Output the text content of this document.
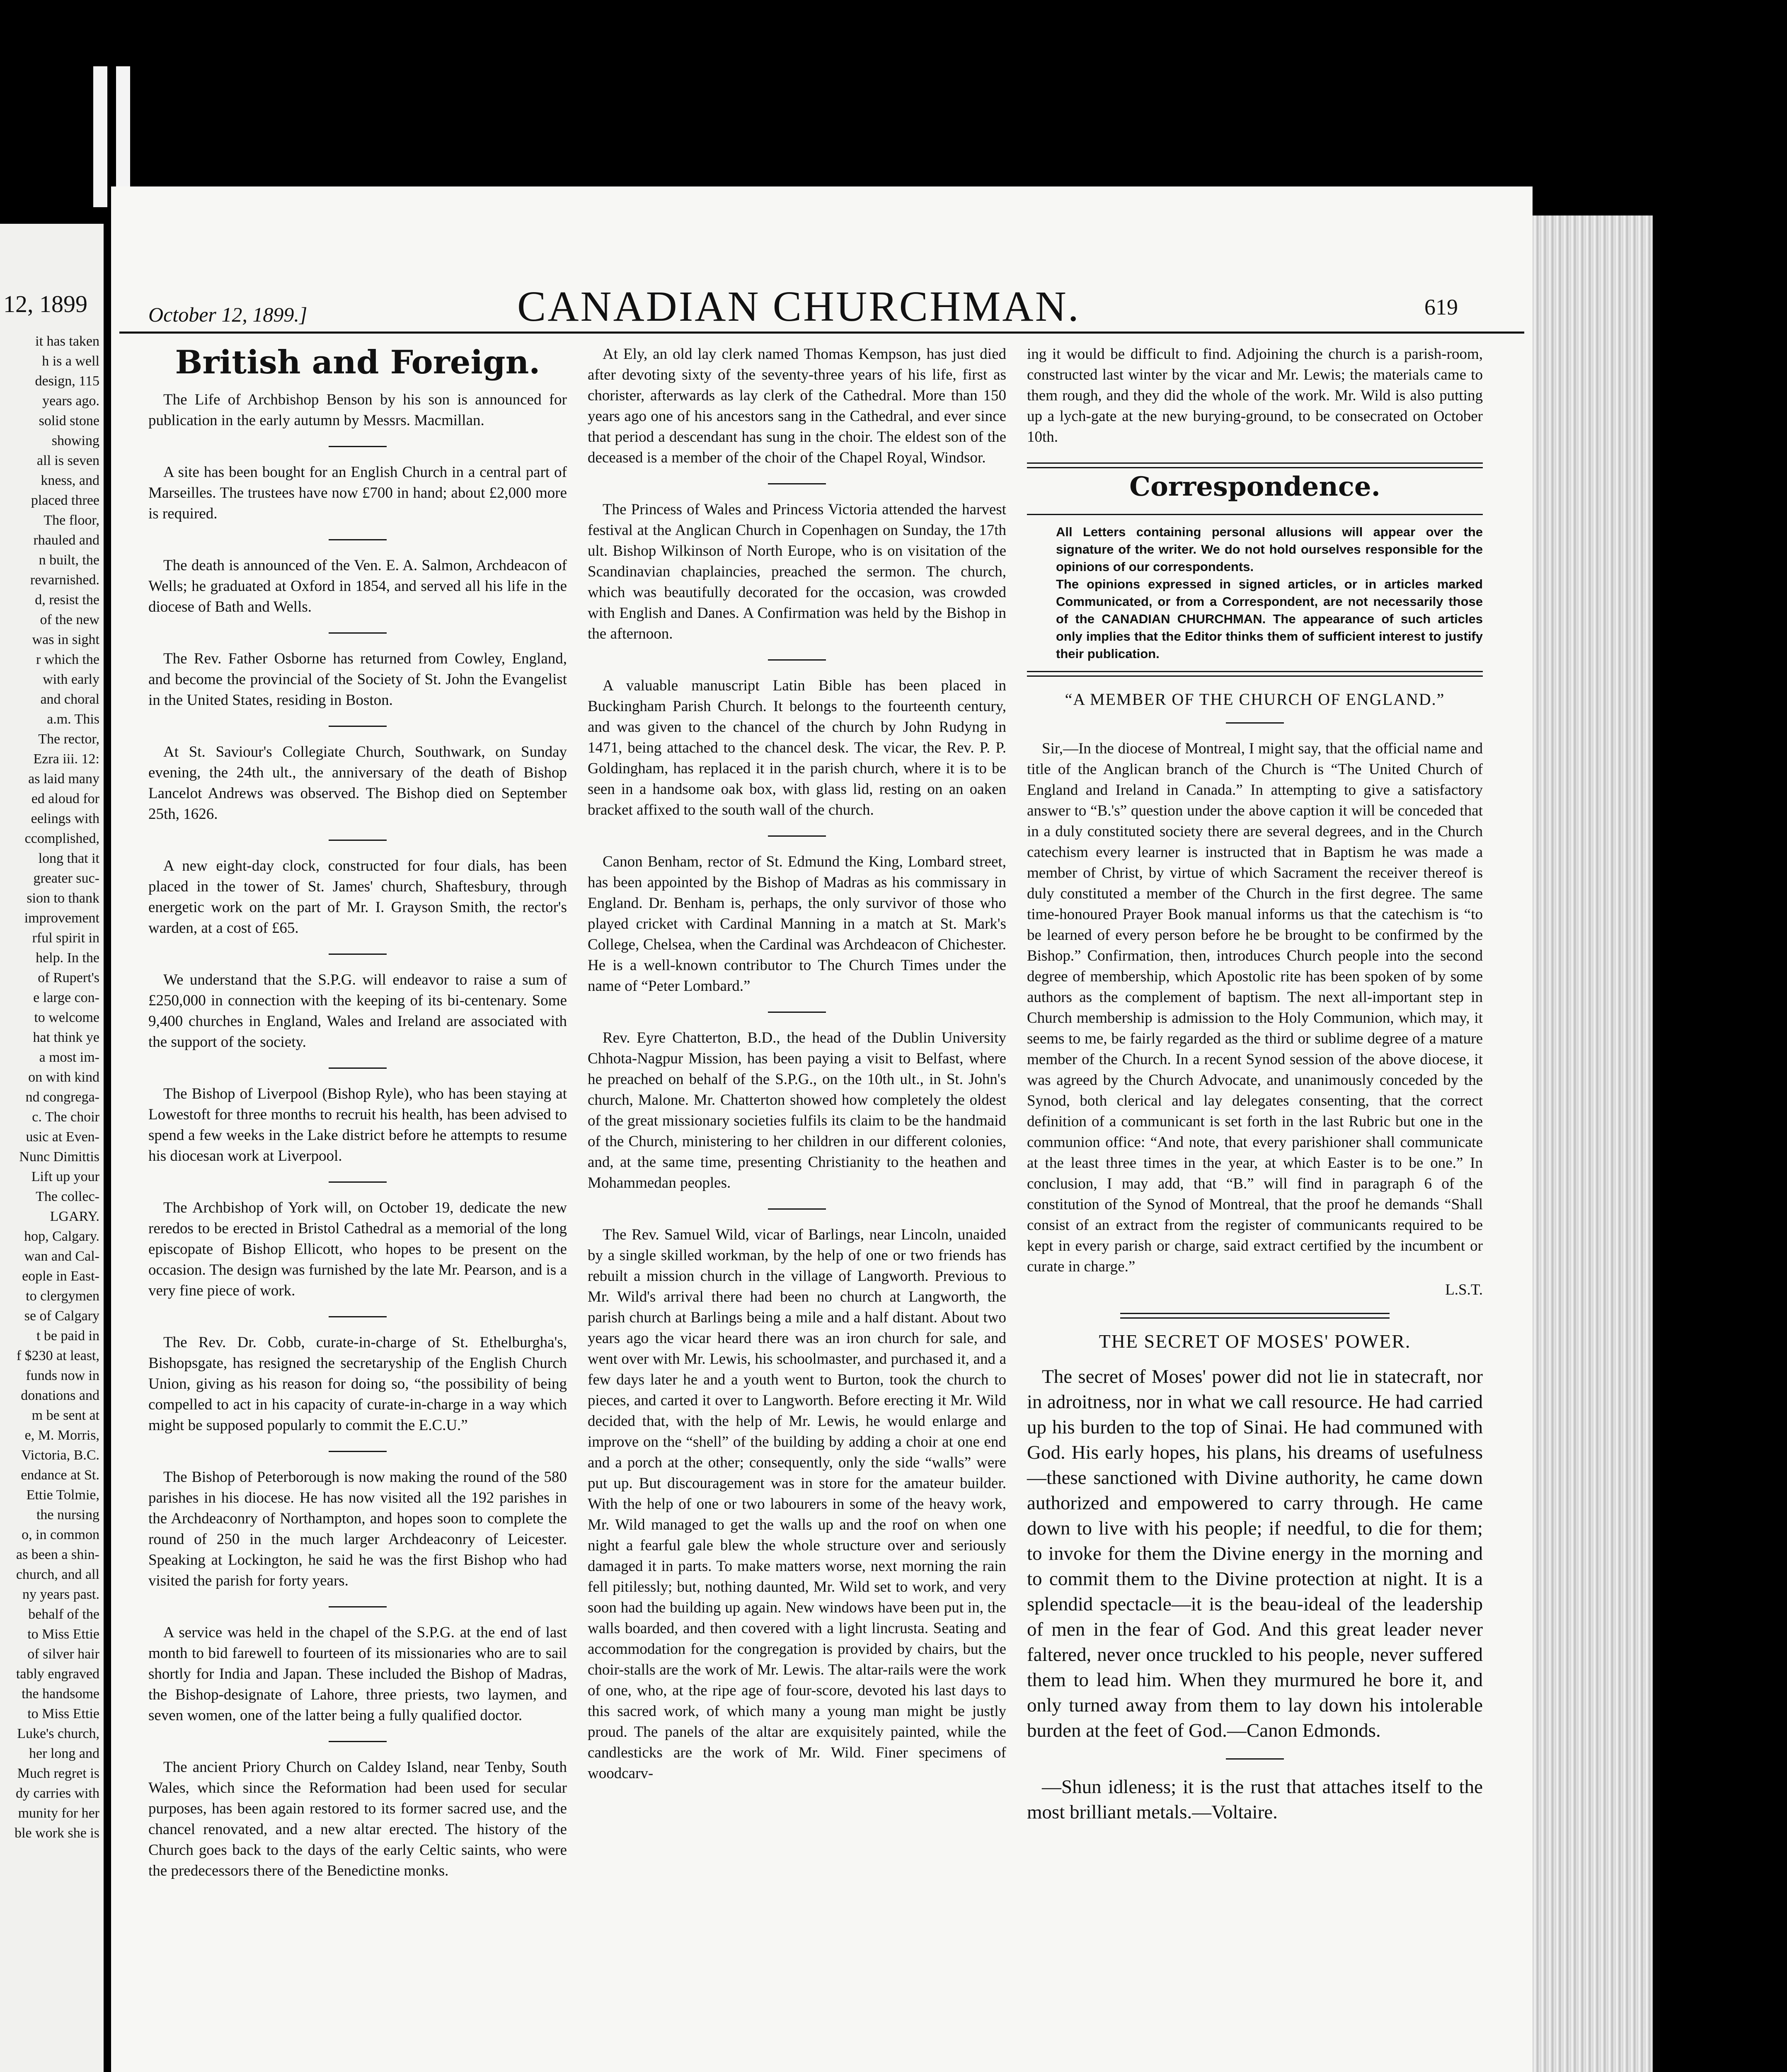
12, 1899
it has taken
h is a well
design, 115
years ago.
solid stone
showing
all is seven
kness, and
placed three
The floor,
rhauled and
n built, the
revarnished.
d, resist the
of the new
was in sight
r which the
with early
and choral
a.m. This
The rector,
Ezra iii. 12:
as laid many
ed aloud for
eelings with
ccomplished,
long that it
greater suc-
sion to thank
improvement
rful spirit in
help. In the
of Rupert's
e large con-
to welcome
hat think ye
a most im-
on with kind
nd congrega-
c. The choir
usic at Even-
Nunc Dimittis
Lift up your
The collec-
LGARY.
hop, Calgary.
wan and Cal-
eople in East-
to clergymen
se of Calgary
t be paid in
f $230 at least,
funds now in
donations and
m be sent at
e, M. Morris,
Victoria, B.C.
endance at St.
Ettie Tolmie,
the nursing
o, in common
as been a shin-
church, and all
ny years past.
behalf of the
to Miss Ettie
of silver hair
tably engraved
the handsome
to Miss Ettie
Luke's church,
her long and
Much regret is
dy carries with
munity for her
ble work she is
October 12, 1899.]	CANADIAN CHURCHMAN.	619
British and Foreign.

The Life of Archbishop Benson by his son is announced for publication in the early autumn by Messrs. Macmillan.

A site has been bought for an English Church in a central part of Marseilles. The trustees have now £700 in hand; about £2,000 more is required.

The death is announced of the Ven. E. A. Salmon, Archdeacon of Wells; he graduated at Oxford in 1854, and served all his life in the diocese of Bath and Wells.

The Rev. Father Osborne has returned from Cowley, England, and become the provincial of the Society of St. John the Evangelist in the United States, residing in Boston.

At St. Saviour's Collegiate Church, Southwark, on Sunday evening, the 24th ult., the anniversary of the death of Bishop Lancelot Andrews was observed. The Bishop died on September 25th, 1626.

A new eight-day clock, constructed for four dials, has been placed in the tower of St. James' church, Shaftesbury, through energetic work on the part of Mr. I. Grayson Smith, the rector's warden, at a cost of £65.

We understand that the S.P.G. will endeavor to raise a sum of £250,000 in connection with the keeping of its bi-centenary. Some 9,400 churches in England, Wales and Ireland are associated with the support of the society.

The Bishop of Liverpool (Bishop Ryle), who has been staying at Lowestoft for three months to recruit his health, has been advised to spend a few weeks in the Lake district before he attempts to resume his diocesan work at Liverpool.

The Archbishop of York will, on October 19, dedicate the new reredos to be erected in Bristol Cathedral as a memorial of the long episcopate of Bishop Ellicott, who hopes to be present on the occasion. The design was furnished by the late Mr. Pearson, and is a very fine piece of work.

The Rev. Dr. Cobb, curate-in-charge of St. Ethelburgha's, Bishopsgate, has resigned the secretaryship of the English Church Union, giving as his reason for doing so, “the possibility of being compelled to act in his capacity of curate-in-charge in a way which might be supposed popularly to commit the E.C.U.”

The Bishop of Peterborough is now making the round of the 580 parishes in his diocese. He has now visited all the 192 parishes in the Archdeaconry of Northampton, and hopes soon to complete the round of 250 in the much larger Archdeaconry of Leicester. Speaking at Lockington, he said he was the first Bishop who had visited the parish for forty years.

A service was held in the chapel of the S.P.G. at the end of last month to bid farewell to fourteen of its missionaries who are to sail shortly for India and Japan. These included the Bishop of Madras, the Bishop-designate of Lahore, three priests, two laymen, and seven women, one of the latter being a fully qualified doctor.

The ancient Priory Church on Caldey Island, near Tenby, South Wales, which since the Reformation had been used for secular purposes, has been again restored to its former sacred use, and the chancel renovated, and a new altar erected. The history of the Church goes back to the days of the early Celtic saints, who were the predecessors there of the Benedictine monks.

At Ely, an old lay clerk named Thomas Kempson, has just died after devoting sixty of the seventy-three years of his life, first as chorister, afterwards as lay clerk of the Cathedral. More than 150 years ago one of his ancestors sang in the Cathedral, and ever since that period a descendant has sung in the choir. The eldest son of the deceased is a member of the choir of the Chapel Royal, Windsor.

The Princess of Wales and Princess Victoria attended the harvest festival at the Anglican Church in Copenhagen on Sunday, the 17th ult. Bishop Wilkinson of North Europe, who is on visitation of the Scandinavian chaplaincies, preached the sermon. The church, which was beautifully decorated for the occasion, was crowded with English and Danes. A Confirmation was held by the Bishop in the afternoon.

A valuable manuscript Latin Bible has been placed in Buckingham Parish Church. It belongs to the fourteenth century, and was given to the chancel of the church by John Rudyng in 1471, being attached to the chancel desk. The vicar, the Rev. P. P. Goldingham, has replaced it in the parish church, where it is to be seen in a handsome oak box, with glass lid, resting on an oaken bracket affixed to the south wall of the church.

Canon Benham, rector of St. Edmund the King, Lombard street, has been appointed by the Bishop of Madras as his commissary in England. Dr. Benham is, perhaps, the only survivor of those who played cricket with Cardinal Manning in a match at St. Mark's College, Chelsea, when the Cardinal was Archdeacon of Chichester. He is a well-known contributor to The Church Times under the name of “Peter Lombard.”

Rev. Eyre Chatterton, B.D., the head of the Dublin University Chhota-Nagpur Mission, has been paying a visit to Belfast, where he preached on behalf of the S.P.G., on the 10th ult., in St. John's church, Malone. Mr. Chatterton showed how completely the oldest of the great missionary societies fulfils its claim to be the handmaid of the Church, ministering to her children in our different colonies, and, at the same time, presenting Christianity to the heathen and Mohammedan peoples.

The Rev. Samuel Wild, vicar of Barlings, near Lincoln, unaided by a single skilled workman, by the help of one or two friends has rebuilt a mission church in the village of Langworth. Previous to Mr. Wild's arrival there had been no church at Langworth, the parish church at Barlings being a mile and a half distant. About two years ago the vicar heard there was an iron church for sale, and went over with Mr. Lewis, his schoolmaster, and purchased it, and a few days later he and a youth went to Burton, took the church to pieces, and carted it over to Langworth. Before erecting it Mr. Wild decided that, with the help of Mr. Lewis, he would enlarge and improve on the “shell” of the building by adding a choir at one end and a porch at the other; consequently, only the side “walls” were put up. But discouragement was in store for the amateur builder. With the help of one or two labourers in some of the heavy work, Mr. Wild managed to get the walls up and the roof on when one night a fearful gale blew the whole structure over and seriously damaged it in parts. To make matters worse, next morning the rain fell pitilessly; but, nothing daunted, Mr. Wild set to work, and very soon had the building up again. New windows have been put in, the walls boarded, and then covered with a light lincrusta. Seating and accommodation for the congregation is provided by chairs, but the choir-stalls are the work of Mr. Lewis. The altar-rails were the work of one, who, at the ripe age of four-score, devoted his last days to this sacred work, of which many a young man might be justly proud. The panels of the altar are exquisitely painted, while the candlesticks are the work of Mr. Wild. Finer specimens of woodcarv-

ing it would be difficult to find. Adjoining the church is a parish-room, constructed last winter by the vicar and Mr. Lewis; the materials came to them rough, and they did the whole of the work. Mr. Wild is also putting up a lych-gate at the new burying-ground, to be consecrated on October 10th.

Correspondence.
All Letters containing personal allusions will appear over the signature of the writer. We do not hold ourselves responsible for the opinions of our correspondents.
The opinions expressed in signed articles, or in articles marked Communicated, or from a Correspondent, are not necessarily those of the CANADIAN CHURCHMAN. The appearance of such articles only implies that the Editor thinks them of sufficient interest to justify their publication.
“A MEMBER OF THE CHURCH OF ENGLAND.”

Sir,—In the diocese of Montreal, I might say, that the official name and title of the Anglican branch of the Church is “The United Church of England and Ireland in Canada.” In attempting to give a satisfactory answer to “B.'s” question under the above caption it will be conceded that in a duly constituted society there are several degrees, and in the Church catechism every learner is instructed that in Baptism he was made a member of Christ, by virtue of which Sacrament the receiver thereof is duly constituted a member of the Church in the first degree. The same time-honoured Prayer Book manual informs us that the catechism is “to be learned of every person before he be brought to be confirmed by the Bishop.” Confirmation, then, introduces Church people into the second degree of membership, which Apostolic rite has been spoken of by some authors as the complement of baptism. The next all-important step in Church membership is admission to the Holy Communion, which may, it seems to me, be fairly regarded as the third or sublime degree of a mature member of the Church. In a recent Synod session of the above diocese, it was agreed by the Church Advocate, and unanimously conceded by the Synod, both clerical and lay delegates consenting, that the correct definition of a communicant is set forth in the last Rubric but one in the communion office: “And note, that every parishioner shall communicate at the least three times in the year, at which Easter is to be one.” In conclusion, I may add, that “B.” will find in paragraph 6 of the constitution of the Synod of Montreal, that the proof he demands “Shall consist of an extract from the register of communicants required to be kept in every parish or charge, said extract certified by the incumbent or curate in charge.”

L.S.T.
THE SECRET OF MOSES' POWER.

The secret of Moses' power did not lie in statecraft, nor in adroitness, nor in what we call resource. He had carried up his burden to the top of Sinai. He had communed with God. His early hopes, his plans, his dreams of usefulness—these sanctioned with Divine authority, he came down authorized and empowered to carry through. He came down to live with his people; if needful, to die for them; to invoke for them the Divine energy in the morning and to commit them to the Divine protection at night. It is a splendid spectacle—it is the beau-ideal of the leadership of men in the fear of God. And this great leader never faltered, never once truckled to his people, never suffered them to lead him. When they murmured he bore it, and only turned away from them to lay down his intolerable burden at the feet of God.—Canon Edmonds.

—Shun idleness; it is the rust that attaches itself to the most brilliant metals.—Voltaire.
